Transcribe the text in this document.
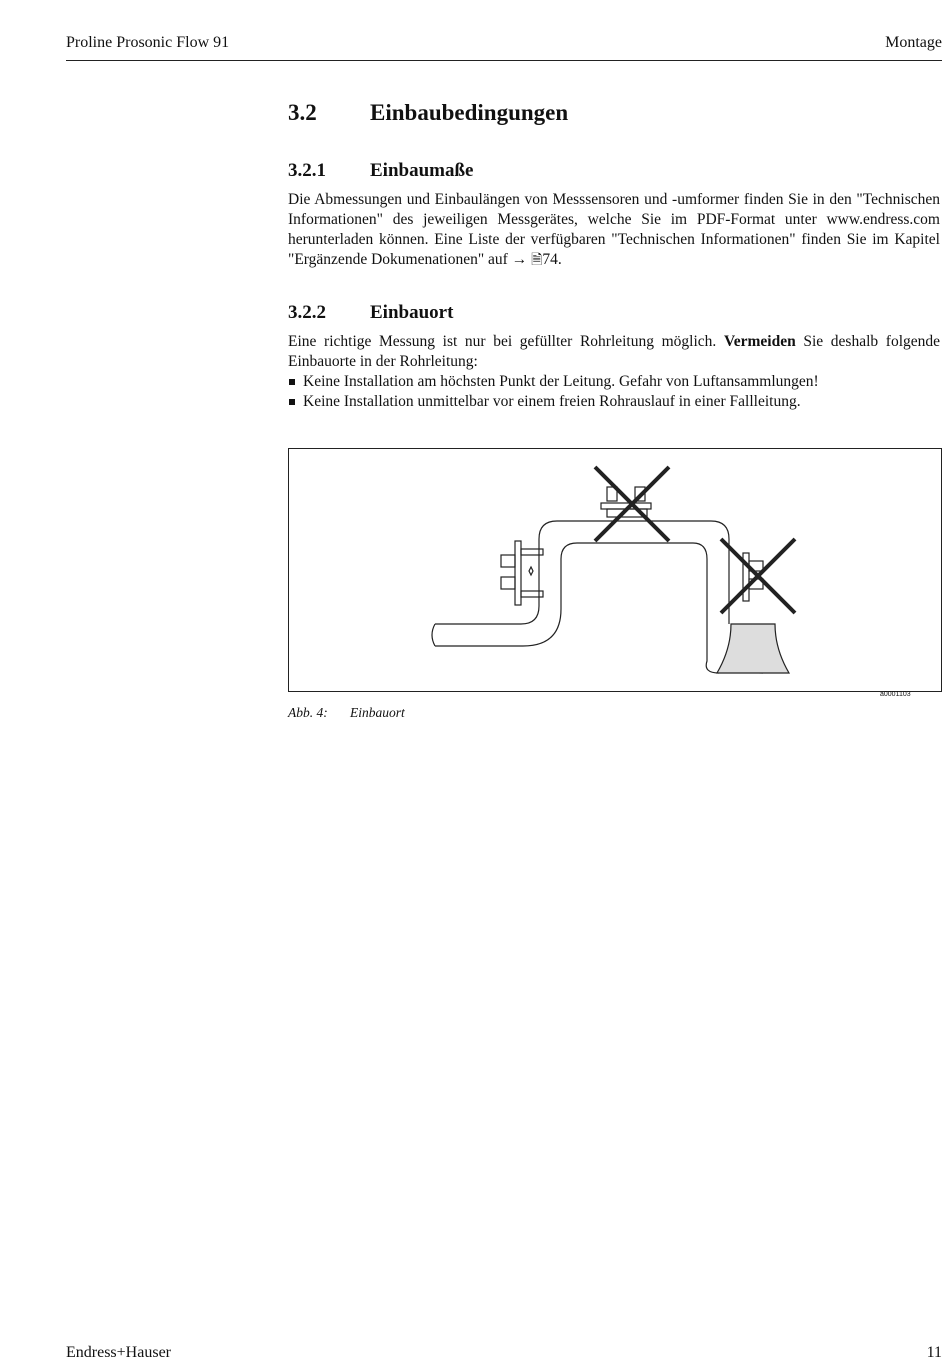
Proline Prosonic Flow 91	Montage
3.2 Einbaubedingungen
3.2.1 Einbaumaße

Die Abmessungen und Einbaulängen von Messsensoren und -umformer finden Sie in den "Technischen Informationen" des jeweiligen Messgerätes, welche Sie im PDF-Format unter www.endress.com herunterladen können. Eine Liste der verfügbaren "Technischen Informationen" finden Sie im Kapitel "Ergänzende Dokumenationen" auf → 🗎74.

3.2.2 Einbauort

Eine richtige Messung ist nur bei gefüllter Rohrleitung möglich. Vermeiden Sie deshalb folgende Einbauorte in der Rohrleitung:

Keine Installation am höchsten Punkt der Leitung. Gefahr von Luftansammlungen!
Keine Installation unmittelbar vor einem freien Rohrauslauf in einer Fallleitung.
a0001103
Abb. 4: Einbauort
Endress+Hauser	11
